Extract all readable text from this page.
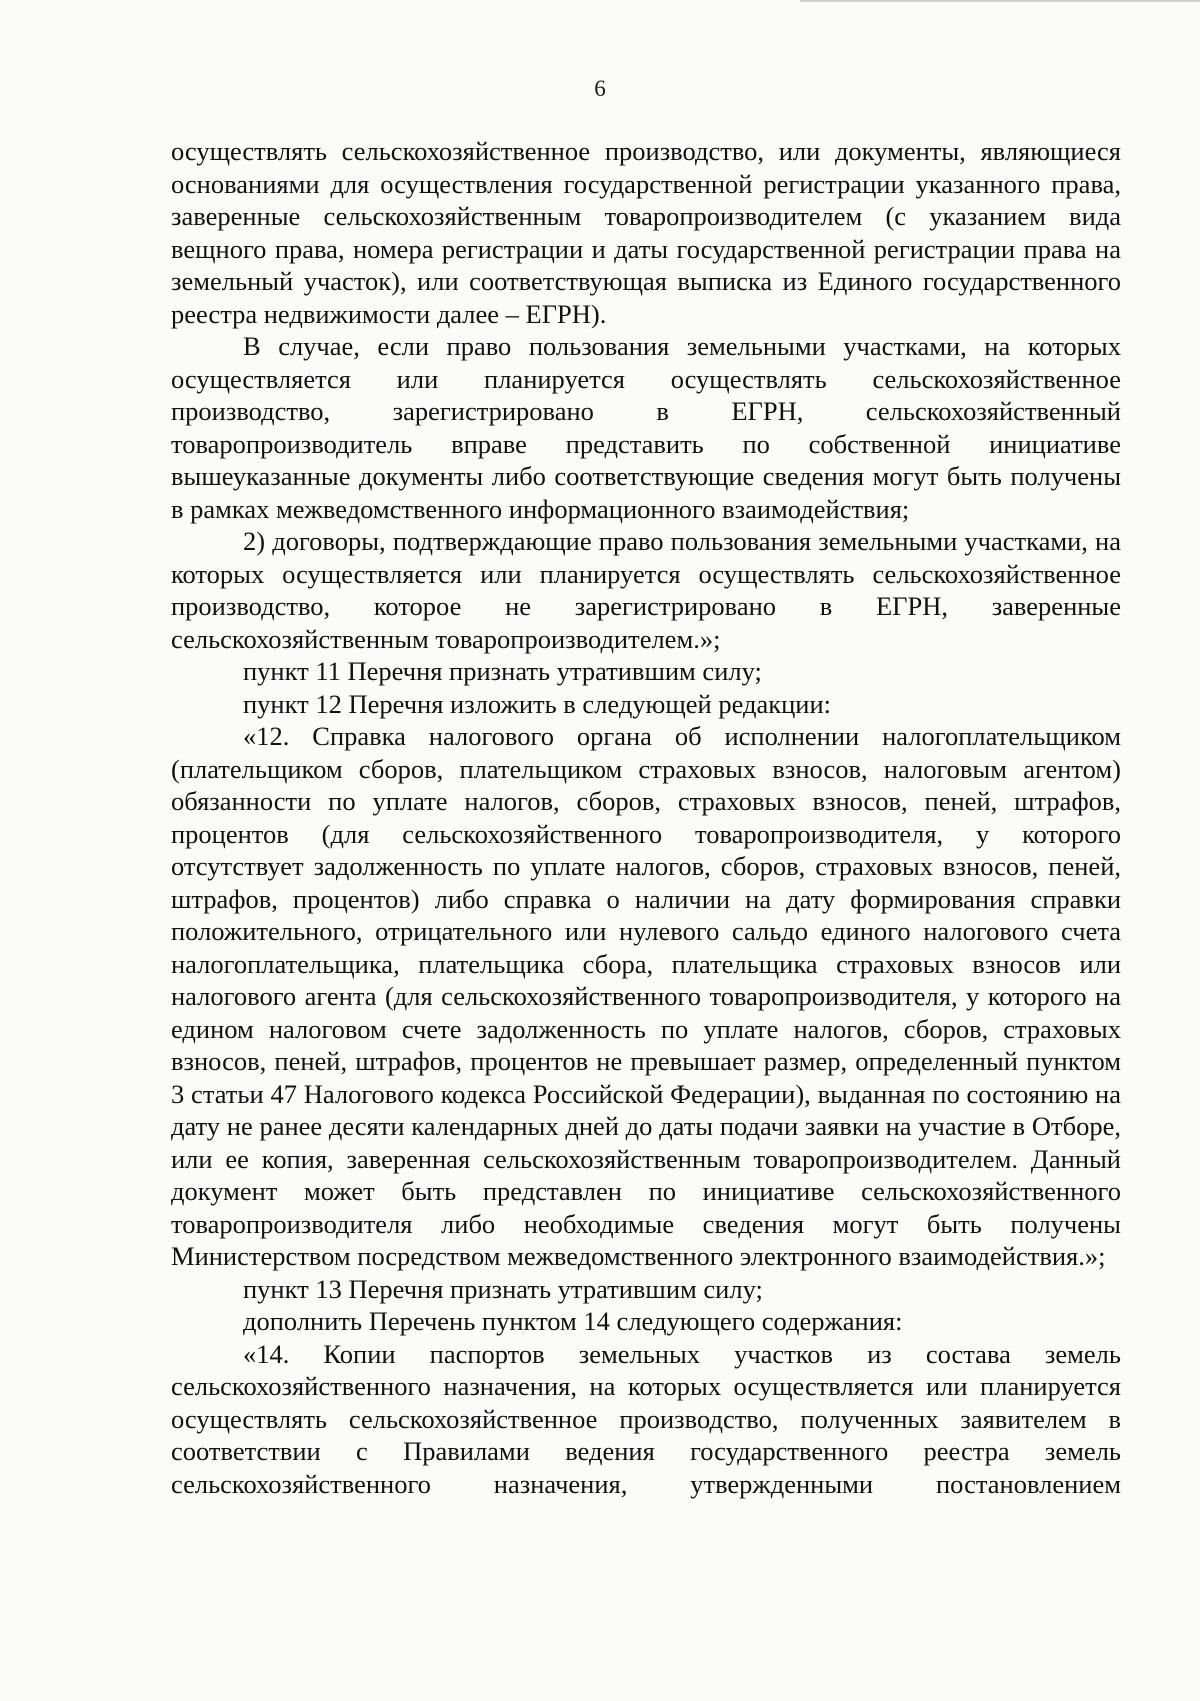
6

осуществлять сельскохозяйственное производство, или документы, являющиеся основаниями для осуществления государственной регистрации указанного права, заверенные сельскохозяйственным товаропроизводителем (с указанием вида вещного права, номера регистрации и даты государственной регистрации права на земельный участок), или соответствующая выписка из Единого государственного реестра недвижимости далее – ЕГРН).

В случае, если право пользования земельными участками, на которых осуществляется или планируется осуществлять сельскохозяйственное производство, зарегистрировано в ЕГРН, сельскохозяйственный товаропроизводитель вправе представить по собственной инициативе вышеуказанные документы либо соответствующие сведения могут быть получены в рамках межведомственного информационного взаимодействия;

2) договоры, подтверждающие право пользования земельными участками, на которых осуществляется или планируется осуществлять сельскохозяйственное производство, которое не зарегистрировано в ЕГРН, заверенные сельскохозяйственным товаропроизводителем.»;

пункт 11 Перечня признать утратившим силу;

пункт 12 Перечня изложить в следующей редакции:

«12. Справка налогового органа об исполнении налогоплательщиком (плательщиком сборов, плательщиком страховых взносов, налоговым агентом) обязанности по уплате налогов, сборов, страховых взносов, пеней, штрафов, процентов (для сельскохозяйственного товаропроизводителя, у которого отсутствует задолженность по уплате налогов, сборов, страховых взносов, пеней, штрафов, процентов) либо справка о наличии на дату формирования справки положительного, отрицательного или нулевого сальдо единого налогового счета налогоплательщика, плательщика сбора, плательщика страховых взносов или налогового агента (для сельскохозяйственного товаропроизводителя, у которого на едином налоговом счете задолженность по уплате налогов, сборов, страховых взносов, пеней, штрафов, процентов не превышает размер, определенный пунктом 3 статьи 47 Налогового кодекса Российской Федерации), выданная по состоянию на дату не ранее десяти календарных дней до даты подачи заявки на участие в Отборе, или ее копия, заверенная сельскохозяйственным товаропроизводителем. Данный документ может быть представлен по инициативе сельскохозяйственного товаропроизводителя либо необходимые сведения могут быть получены Министерством посредством межведомственного электронного взаимодействия.»;

пункт 13 Перечня признать утратившим силу;

дополнить Перечень пунктом 14 следующего содержания:

«14. Копии паспортов земельных участков из состава земель сельскохозяйственного назначения, на которых осуществляется или планируется осуществлять сельскохозяйственное производство, полученных заявителем в соответствии с Правилами ведения государственного реестра земель сельскохозяйственного назначения, утвержденными постановлением
